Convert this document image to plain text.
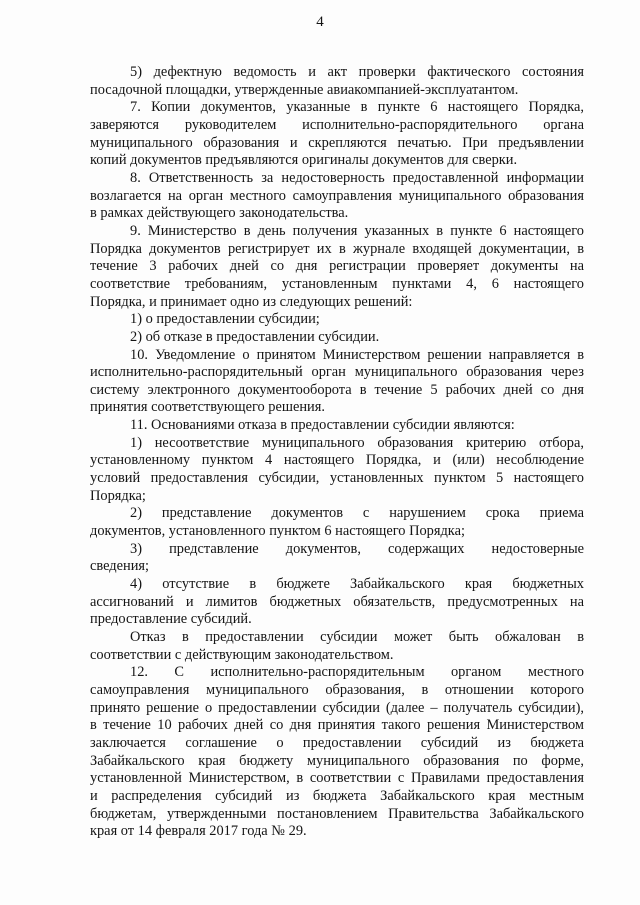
4

5) дефектную ведомость и акт проверки фактического состояния

посадочной площадки, утвержденные авиакомпанией-эксплуатантом.

7. Копии документов, указанные в пункте 6 настоящего Порядка,

заверяются руководителем исполнительно-распорядительного органа

муниципального образования и скрепляются печатью. При предъявлении

копий документов предъявляются оригиналы документов для сверки.

8. Ответственность за недостоверность предоставленной информации

возлагается на орган местного самоуправления муниципального образования

в рамках действующего законодательства.

9. Министерство в день получения указанных в пункте 6 настоящего

Порядка документов регистрирует их в журнале входящей документации, в

течение 3 рабочих дней со дня регистрации проверяет документы на

соответствие требованиям, установленным пунктами 4, 6 настоящего

Порядка, и принимает одно из следующих решений:

1) о предоставлении субсидии;

2) об отказе в предоставлении субсидии.

10. Уведомление о принятом Министерством решении направляется в

исполнительно-распорядительный орган муниципального образования через

систему электронного документооборота в течение 5 рабочих дней со дня

принятия соответствующего решения.

11. Основаниями отказа в предоставлении субсидии являются:

1) несоответствие муниципального образования критерию отбора,

установленному пунктом 4 настоящего Порядка, и (или) несоблюдение

условий предоставления субсидии, установленных пунктом 5 настоящего

Порядка;

2) представление документов с нарушением срока приема

документов, установленного пунктом 6 настоящего Порядка;

3) представление документов, содержащих недостоверные

сведения;

4) отсутствие в бюджете Забайкальского края бюджетных

ассигнований и лимитов бюджетных обязательств, предусмотренных на

предоставление субсидий.

Отказ в предоставлении субсидии может быть обжалован в

соответствии с действующим законодательством.

12. С исполнительно-распорядительным органом местного

самоуправления муниципального образования, в отношении которого

принято решение о предоставлении субсидии (далее – получатель субсидии),

в течение 10 рабочих дней со дня принятия такого решения Министерством

заключается соглашение о предоставлении субсидий из бюджета

Забайкальского края бюджету муниципального образования по форме,

установленной Министерством, в соответствии с Правилами предоставления

и распределения субсидий из бюджета Забайкальского края местным

бюджетам, утвержденными постановлением Правительства Забайкальского

края от 14 февраля 2017 года № 29.
